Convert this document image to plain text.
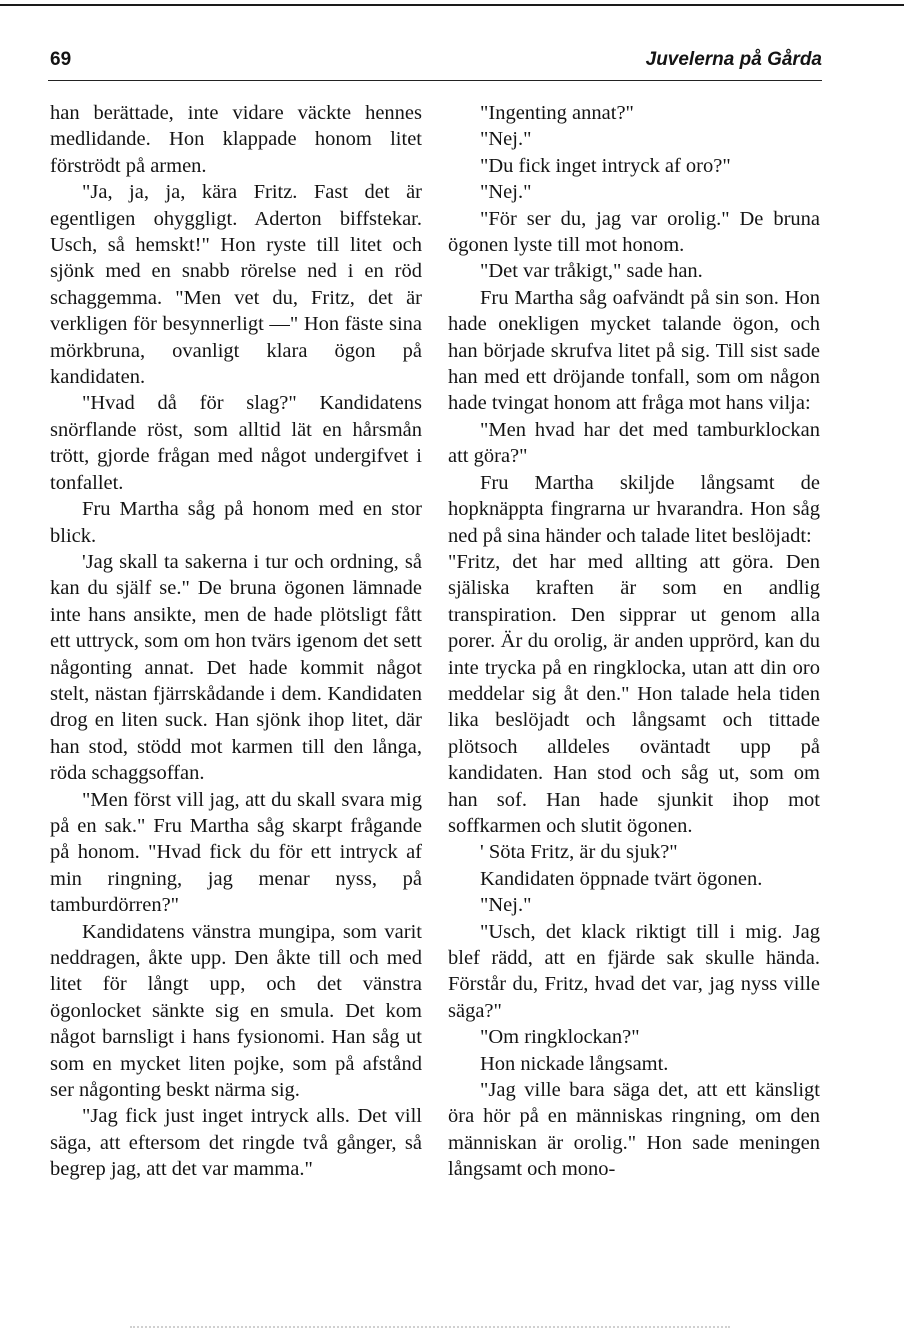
69	Juvelerna på Gårda

han berättade, inte vidare väckte hennes medlidande. Hon klappade honom litet förströdt på armen.

"Ja, ja, ja, kära Fritz. Fast det är egentligen ohyggligt. Aderton biffstekar. Usch, så hemskt!" Hon ryste till litet och sjönk med en snabb rörelse ned i en röd schaggemma. "Men vet du, Fritz, det är verkligen för besynnerligt —" Hon fäste sina mörkbruna, ovanligt klara ögon på kandidaten.

"Hvad då för slag?" Kandidatens snörflande röst, som alltid lät en hårsmån trött, gjorde frågan med något undergifvet i tonfallet.

Fru Martha såg på honom med en stor blick.

'Jag skall ta sakerna i tur och ordning, så kan du själf se." De bruna ögonen lämnade inte hans ansikte, men de hade plötsligt fått ett uttryck, som om hon tvärs igenom det sett någonting annat. Det hade kommit något stelt, nästan fjärrskådande i dem. Kandidaten drog en liten suck. Han sjönk ihop litet, där han stod, stödd mot karmen till den långa, röda schaggsoffan.

"Men först vill jag, att du skall svara mig på en sak." Fru Martha såg skarpt frågande på honom. "Hvad fick du för ett intryck af min ringning, jag menar nyss, på tamburdörren?"

Kandidatens vänstra mungipa, som varit neddragen, åkte upp. Den åkte till och med litet för långt upp, och det vänstra ögonlocket sänkte sig en smula. Det kom något barnsligt i hans fysionomi. Han såg ut som en mycket liten pojke, som på afstånd ser någonting beskt närma sig.

"Jag fick just inget intryck alls. Det vill säga, att eftersom det ringde två gånger, så begrep jag, att det var mamma."

"Ingenting annat?"

"Nej."

"Du fick inget intryck af oro?"

"Nej."

"För ser du, jag var orolig." De bruna ögonen lyste till mot honom.

"Det var tråkigt," sade han.

Fru Martha såg oafvändt på sin son. Hon hade onekligen mycket talande ögon, och han började skrufva litet på sig. Till sist sade han med ett dröjande tonfall, som om någon hade tvingat honom att fråga mot hans vilja:

"Men hvad har det med tamburklockan att göra?"

Fru Martha skiljde långsamt de hopknäppta fingrarna ur hvarandra. Hon såg ned på sina händer och talade litet beslöjadt:

"Fritz, det har med allting att göra. Den själiska kraften är som en andlig transpiration. Den sipprar ut genom alla porer. Är du orolig, är anden upprörd, kan du inte trycka på en ringklocka, utan att din oro meddelar sig åt den." Hon talade hela tiden lika beslöjadt och långsamt och tittade plötsoch alldeles oväntadt upp på kandidaten. Han stod och såg ut, som om han sof. Han hade sjunkit ihop mot soffkarmen och slutit ögonen.

' Söta Fritz, är du sjuk?"

Kandidaten öppnade tvärt ögonen.

"Nej."

"Usch, det klack riktigt till i mig. Jag blef rädd, att en fjärde sak skulle hända. Förstår du, Fritz, hvad det var, jag nyss ville säga?"

"Om ringklockan?"

Hon nickade långsamt.

"Jag ville bara säga det, att ett känsligt öra hör på en människas ringning, om den människan är orolig." Hon sade meningen långsamt och mono-
